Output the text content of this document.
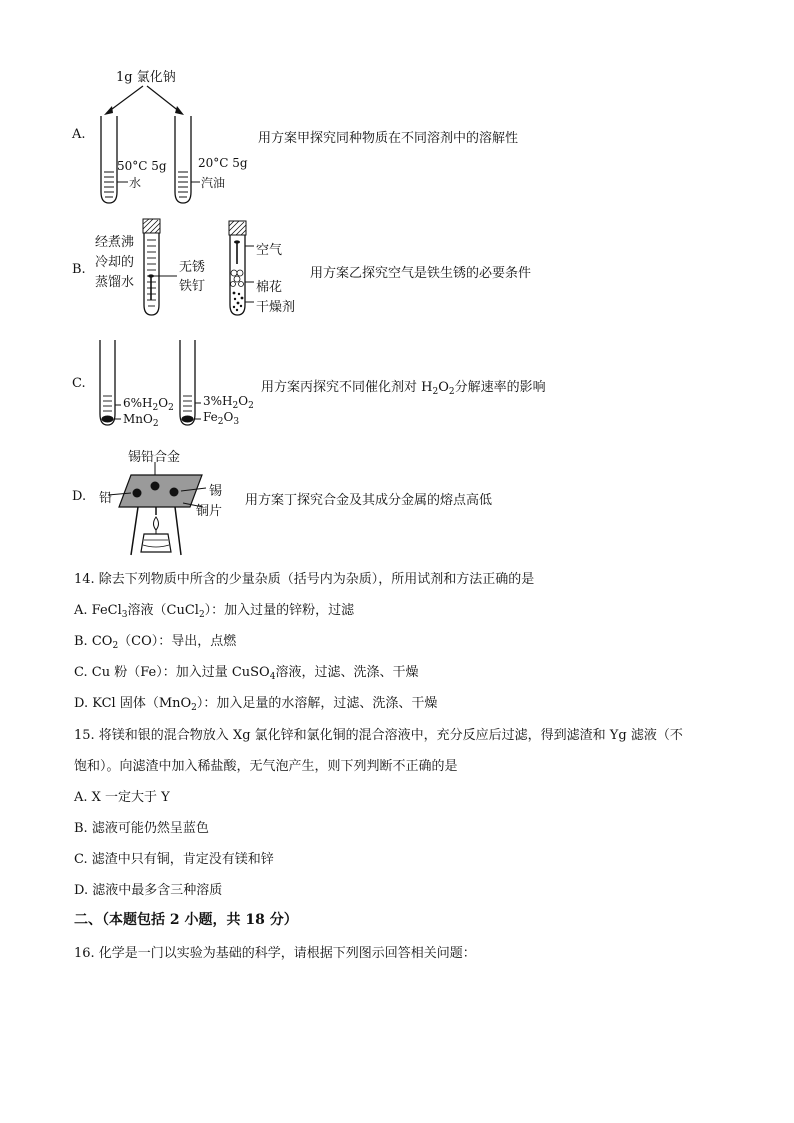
1g 氯化钠
A.
50°C 5g
水
20°C 5g
汽油
用方案甲探究同种物质在不同溶剂中的溶解性
B.
经煮沸
冷却的
蒸馏水
无锈
铁钉
空气
棉花
干燥剂
用方案乙探究空气是铁生锈的必要条件
C.
$6\%H_2O_2$
MnO$_2$
$3\%H_2O_2$
$Fe_2O_3$
用方案丙探究不同催化剂对 $H_2O_2$分解速率的影响
锡铅合金
D. 铅	锡
铜片
用方案丁探究合金及其成分金属的熔点高低
14. 除去下列物质中所含的少量杂质（括号内为杂质），所用试剂和方法正确的是
A. FeCl$_3$溶液（CuCl$_2$）：加入过量的锌粉，过滤
B. $CO_2(CO)$：导出，点燃
C. Cu 粉（Fe）：加入过量 CuSO$_4$溶液，过滤、洗涤、干燥
D. KCl 固体（MnO$_2$）：加入足量的水溶解，过滤、洗涤、干燥
15. 将镁和银的混合物放入 Xg 氯化锌和氯化铜的混合溶液中，充分反应后过滤，得到滤渣和 Yg 滤液（不
饱和）。向滤渣中加入稀盐酸，无气泡产生，则下列判断不正确的是
A. X 一定大于 Y
B. 滤液可能仍然呈蓝色
C. 滤渣中只有铜，肯定没有镁和锌
D. 滤液中最多含三种溶质
二、（本题包括 2 小题，共 18 分）
16. 化学是一门以实验为基础的科学，请根据下列图示回答相关问题：
